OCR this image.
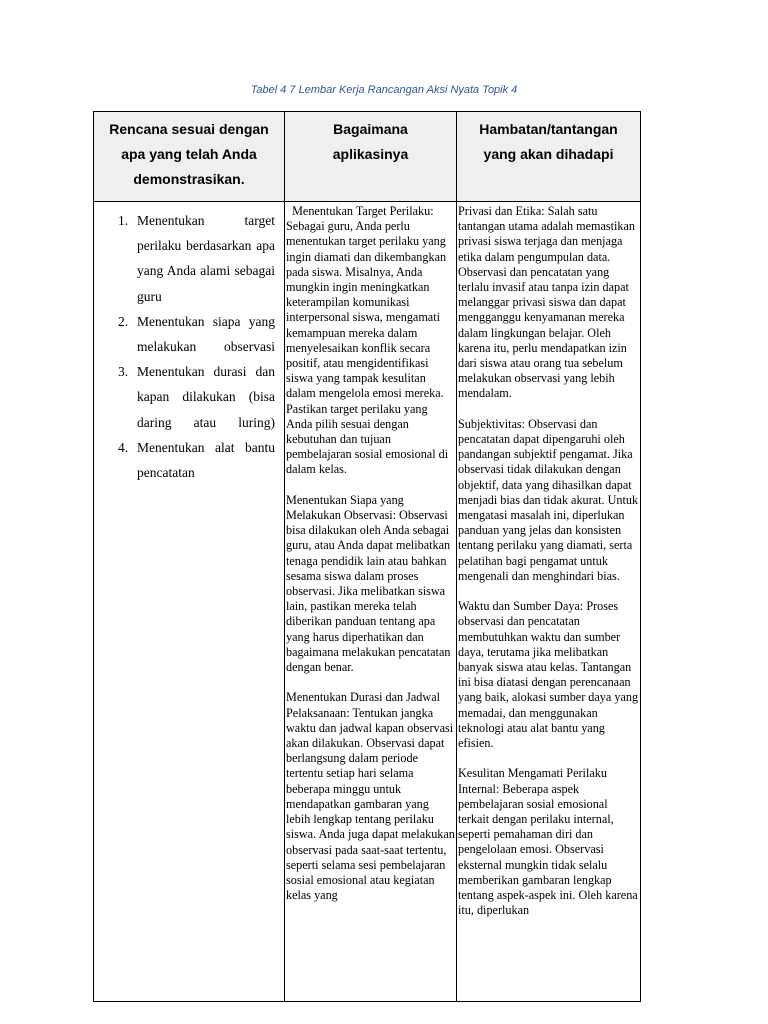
Tabel 4 7 Lembar Kerja Rancangan Aksi Nyata Topik 4
Rencana sesuai dengan apa yang telah Anda demonstrasikan.
Bagaimana aplikasinya
Hambatan/tantangan yang akan dihadapi
1. Menentukan target perilaku berdasarkan apa yang Anda alami sebagai guru
2. Menentukan siapa yang melakukan observasi
3. Menentukan durasi dan kapan dilakukan (bisa daring atau luring)
4. Menentukan alat bantu pencatatan

Menentukan Target Perilaku: Sebagai guru, Anda perlu menentukan target perilaku yang ingin diamati dan dikembangkan pada siswa. Misalnya, Anda mungkin ingin meningkatkan keterampilan komunikasi interpersonal siswa, mengamati kemampuan mereka dalam menyelesaikan konflik secara positif, atau mengidentifikasi siswa yang tampak kesulitan dalam mengelola emosi mereka. Pastikan target perilaku yang Anda pilih sesuai dengan kebutuhan dan tujuan pembelajaran sosial emosional di dalam kelas.

Menentukan Siapa yang Melakukan Observasi: Observasi bisa dilakukan oleh Anda sebagai guru, atau Anda dapat melibatkan tenaga pendidik lain atau bahkan sesama siswa dalam proses observasi. Jika melibatkan siswa lain, pastikan mereka telah diberikan panduan tentang apa yang harus diperhatikan dan bagaimana melakukan pencatatan dengan benar.

Menentukan Durasi dan Jadwal Pelaksanaan: Tentukan jangka waktu dan jadwal kapan observasi akan dilakukan. Observasi dapat berlangsung dalam periode tertentu setiap hari selama beberapa minggu untuk mendapatkan gambaran yang lebih lengkap tentang perilaku siswa. Anda juga dapat melakukan observasi pada saat-saat tertentu, seperti selama sesi pembelajaran sosial emosional atau kegiatan kelas yang

Privasi dan Etika: Salah satu tantangan utama adalah memastikan privasi siswa terjaga dan menjaga etika dalam pengumpulan data. Observasi dan pencatatan yang terlalu invasif atau tanpa izin dapat melanggar privasi siswa dan dapat mengganggu kenyamanan mereka dalam lingkungan belajar. Oleh karena itu, perlu mendapatkan izin dari siswa atau orang tua sebelum melakukan observasi yang lebih mendalam.

Subjektivitas: Observasi dan pencatatan dapat dipengaruhi oleh pandangan subjektif pengamat. Jika observasi tidak dilakukan dengan objektif, data yang dihasilkan dapat menjadi bias dan tidak akurat. Untuk mengatasi masalah ini, diperlukan panduan yang jelas dan konsisten tentang perilaku yang diamati, serta pelatihan bagi pengamat untuk mengenali dan menghindari bias.

Waktu dan Sumber Daya: Proses observasi dan pencatatan membutuhkan waktu dan sumber daya, terutama jika melibatkan banyak siswa atau kelas. Tantangan ini bisa diatasi dengan perencanaan yang baik, alokasi sumber daya yang memadai, dan menggunakan teknologi atau alat bantu yang efisien.

Kesulitan Mengamati Perilaku Internal: Beberapa aspek pembelajaran sosial emosional terkait dengan perilaku internal, seperti pemahaman diri dan pengelolaan emosi. Observasi eksternal mungkin tidak selalu memberikan gambaran lengkap tentang aspek-aspek ini. Oleh karena itu, diperlukan
